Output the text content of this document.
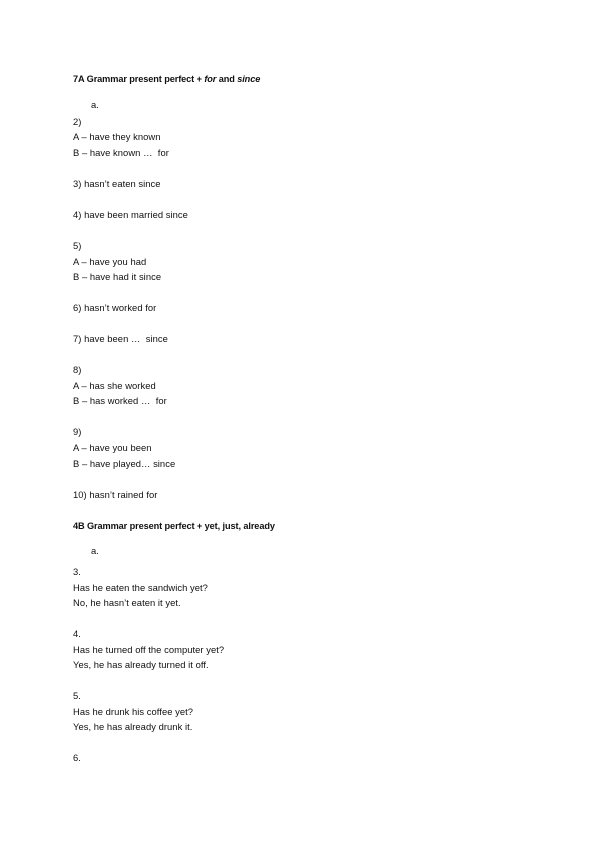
7A Grammar present perfect + for and since
a.
2)
A – have they known
B – have known …  for
3) hasn’t eaten since
4) have been married since
5)
A – have you had
B – have had it since
6) hasn’t worked for
7) have been …  since
8)
A – has she worked
B – has worked …  for
9)
A – have you been
B – have played… since
10) hasn’t rained for
4B Grammar present perfect + yet, just, already
a.
3.
Has he eaten the sandwich yet?
No, he hasn’t eaten it yet.
4.
Has he turned off the computer yet?
Yes, he has already turned it off.
5.
Has he drunk his coffee yet?
Yes, he has already drunk it.
6.
